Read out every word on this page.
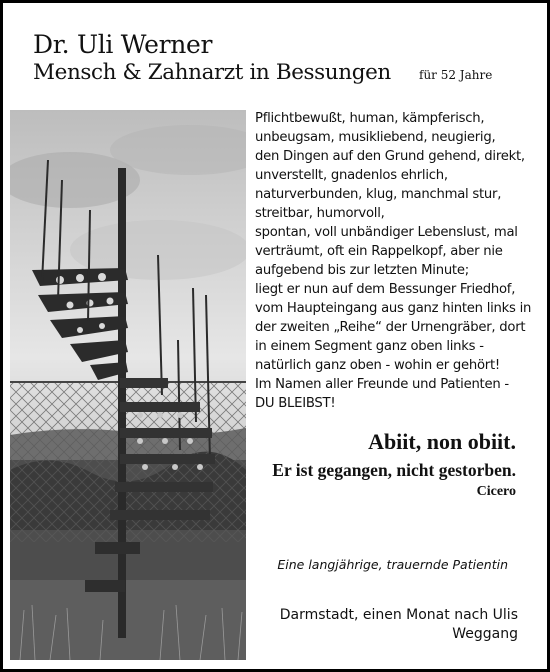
Dr. Uli Werner
Mensch & Zahnarzt in Bessungen für 52 Jahre
Pflichtbewußt, human, kämpferisch,
unbeugsam, musikliebend, neugierig,
den Dingen auf den Grund gehend, direkt,
unverstellt, gnadenlos ehrlich,
naturverbunden, klug, manchmal stur,
streitbar, humorvoll,
spontan, voll unbändiger Lebenslust, mal
verträumt, oft ein Rappelkopf, aber nie
aufgebend bis zur letzten Minute;
liegt er nun auf dem Bessunger Friedhof,
vom Haupteingang aus ganz hinten links in
der zweiten „Reihe“ der Urnengräber, dort
in einem Segment ganz oben links -
natürlich ganz oben - wohin er gehört!
Im Namen aller Freunde und Patienten -
DU BLEIBST!
Abiit, non obiit.
Er ist gegangen, nicht gestorben.
Cicero
Eine langjährige, trauernde Patientin
Darmstadt, einen Monat nach Ulis
Weggang
